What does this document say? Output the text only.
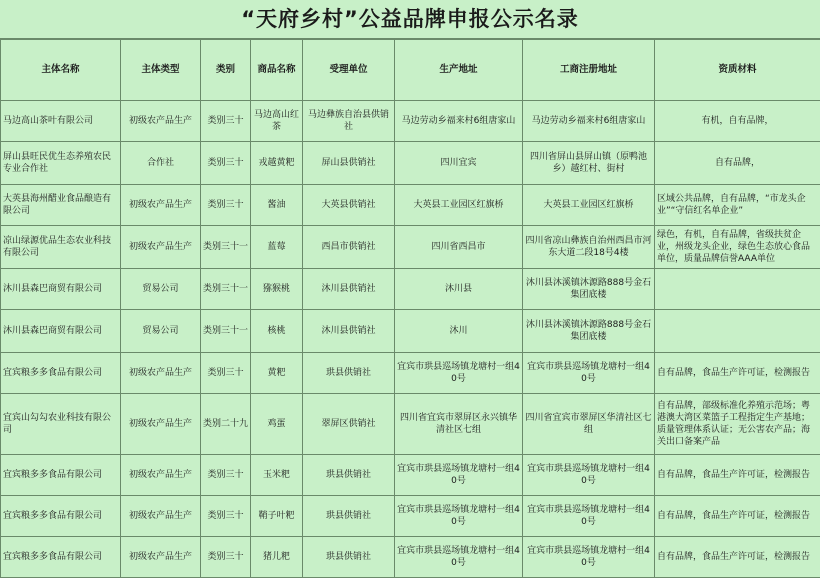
“天府乡村”公益品牌申报公示名录
主体名称	主体类型	类别	商品名称	受理单位	生产地址	工商注册地址	资质材料
马边高山茶叶有限公司	初级农产品生产	类别三十	马边高山红茶	马边彝族自治县供销社	马边劳动乡福来村6组唐家山	马边劳动乡福来村6组唐家山	有机，自有品牌，
屏山县旺民优生态养殖农民专业合作社	合作社	类别三十	戎越黄粑	屏山县供销社	四川宜宾	四川省屏山县屏山镇（原鸭池乡）越红村、街村	自有品牌，
大英县海州醋业食品酿造有限公司	初级农产品生产	类别三十	酱油	大英县供销社	大英县工业园区红旗桥	大英县工业园区红旗桥	区域公共品牌，自有品牌，“市龙头企业”“守信红名单企业”
凉山绿源优品生态农业科技有限公司	初级农产品生产	类别三十一	蓝莓	西昌市供销社	四川省西昌市	四川省凉山彝族自治州西昌市河东大道二段18号4楼	绿色，有机，自有品牌，省级扶贫企业，州级龙头企业，绿色生态放心食品单位，质量品牌信誉AAA单位
沐川县森巴商贸有限公司	贸易公司	类别三十一	猕猴桃	沐川县供销社	沐川县	沐川县沐溪镇沐源路888号金石集团底楼	
沐川县森巴商贸有限公司	贸易公司	类别三十一	核桃	沐川县供销社	沐川	沐川县沐溪镇沐源路888号金石集团底楼	
宜宾粮多多食品有限公司	初级农产品生产	类别三十	黄粑	珙县供销社	宜宾市珙县巡场镇龙塘村一组40号	宜宾市珙县巡场镇龙塘村一组40号	自有品牌，食品生产许可证，检测报告
宜宾山勾勾农业科技有限公司	初级农产品生产	类别二十九	鸡蛋	翠屏区供销社	四川省宜宾市翠屏区永兴镇华清社区七组	四川省宜宾市翠屏区华清社区七组	自有品牌，部级标准化养殖示范场；粤港澳大湾区菜篮子工程指定生产基地；质量管理体系认证；无公害农产品；海关出口备案产品
宜宾粮多多食品有限公司	初级农产品生产	类别三十	玉米粑	珙县供销社	宜宾市珙县巡场镇龙塘村一组40号	宜宾市珙县巡场镇龙塘村一组40号	自有品牌，食品生产许可证，检测报告
宜宾粮多多食品有限公司	初级农产品生产	类别三十	鞘子叶粑	珙县供销社	宜宾市珙县巡场镇龙塘村一组40号	宜宾市珙县巡场镇龙塘村一组40号	自有品牌，食品生产许可证，检测报告
宜宾粮多多食品有限公司	初级农产品生产	类别三十	猪儿粑	珙县供销社	宜宾市珙县巡场镇龙塘村一组40号	宜宾市珙县巡场镇龙塘村一组40号	自有品牌，食品生产许可证，检测报告
